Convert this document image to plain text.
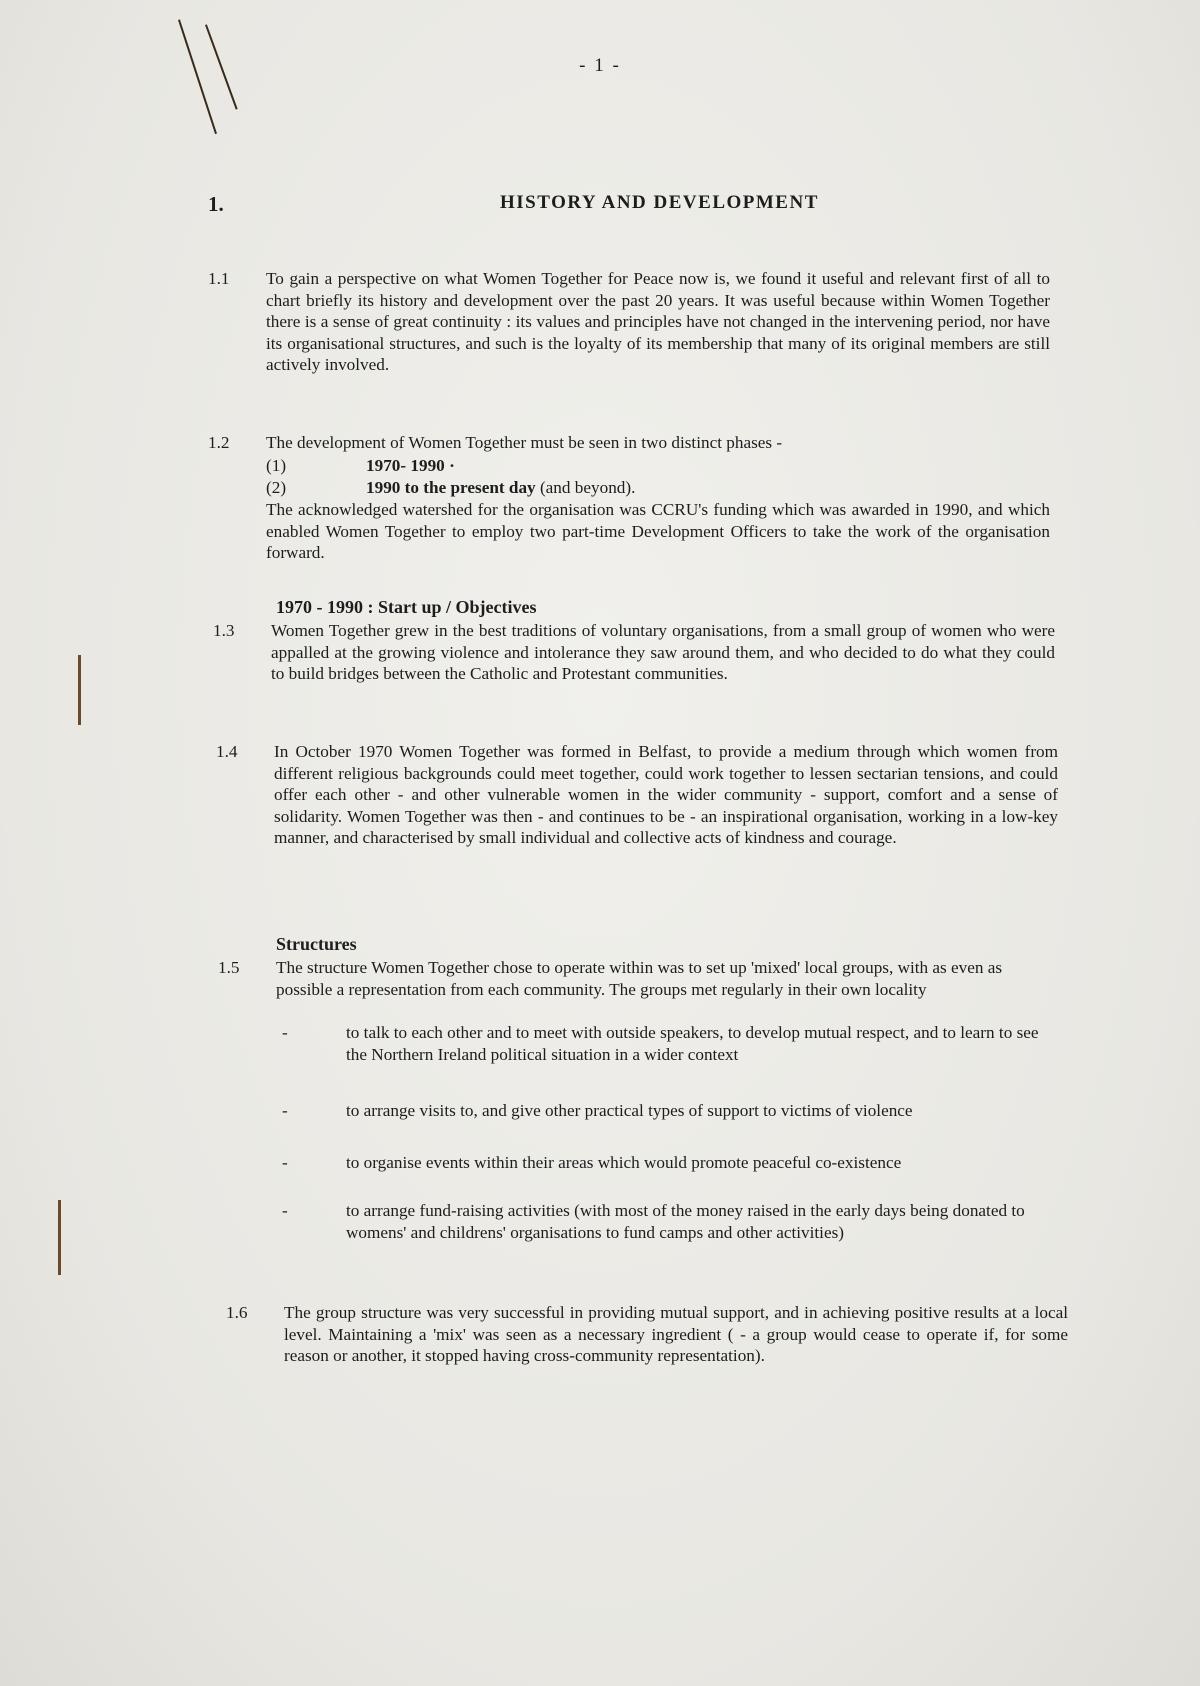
- 1 -
1.	HISTORY AND DEVELOPMENT
1.1 To gain a perspective on what Women Together for Peace now is, we found it useful and relevant first of all to chart briefly its history and development over the past 20 years. It was useful because within Women Together there is a sense of great continuity : its values and principles have not changed in the intervening period, nor have its organisational structures, and such is the loyalty of its membership that many of its original members are still actively involved.
1.2 The development of Women Together must be seen in two distinct phases -
(1)	1970- 1990 ·
(2)	1990 to the present day (and beyond).
The acknowledged watershed for the organisation was CCRU's funding which was awarded in 1990, and which enabled Women Together to employ two part-time Development Officers to take the work of the organisation forward.
1970 - 1990 : Start up / Objectives
1.3 Women Together grew in the best traditions of voluntary organisations, from a small group of women who were appalled at the growing violence and intolerance they saw around them, and who decided to do what they could to build bridges between the Catholic and Protestant communities.
1.4 In October 1970 Women Together was formed in Belfast, to provide a medium through which women from different religious backgrounds could meet together, could work together to lessen sectarian tensions, and could offer each other - and other vulnerable women in the wider community - support, comfort and a sense of solidarity. Women Together was then - and continues to be - an inspirational organisation, working in a low-key manner, and characterised by small individual and collective acts of kindness and courage.
Structures
1.5 The structure Women Together chose to operate within was to set up 'mixed' local groups, with as even as possible a representation from each community. The groups met regularly in their own locality
-	to talk to each other and to meet with outside speakers, to develop mutual respect, and to learn to see the Northern Ireland political situation in a wider context
-	to arrange visits to, and give other practical types of support to victims of violence
-	to organise events within their areas which would promote peaceful co-existence
-	to arrange fund-raising activities (with most of the money raised in the early days being donated to womens' and childrens' organisations to fund camps and other activities)
1.6 The group structure was very successful in providing mutual support, and in achieving positive results at a local level. Maintaining a 'mix' was seen as a necessary ingredient ( - a group would cease to operate if, for some reason or another, it stopped having cross-community representation).
